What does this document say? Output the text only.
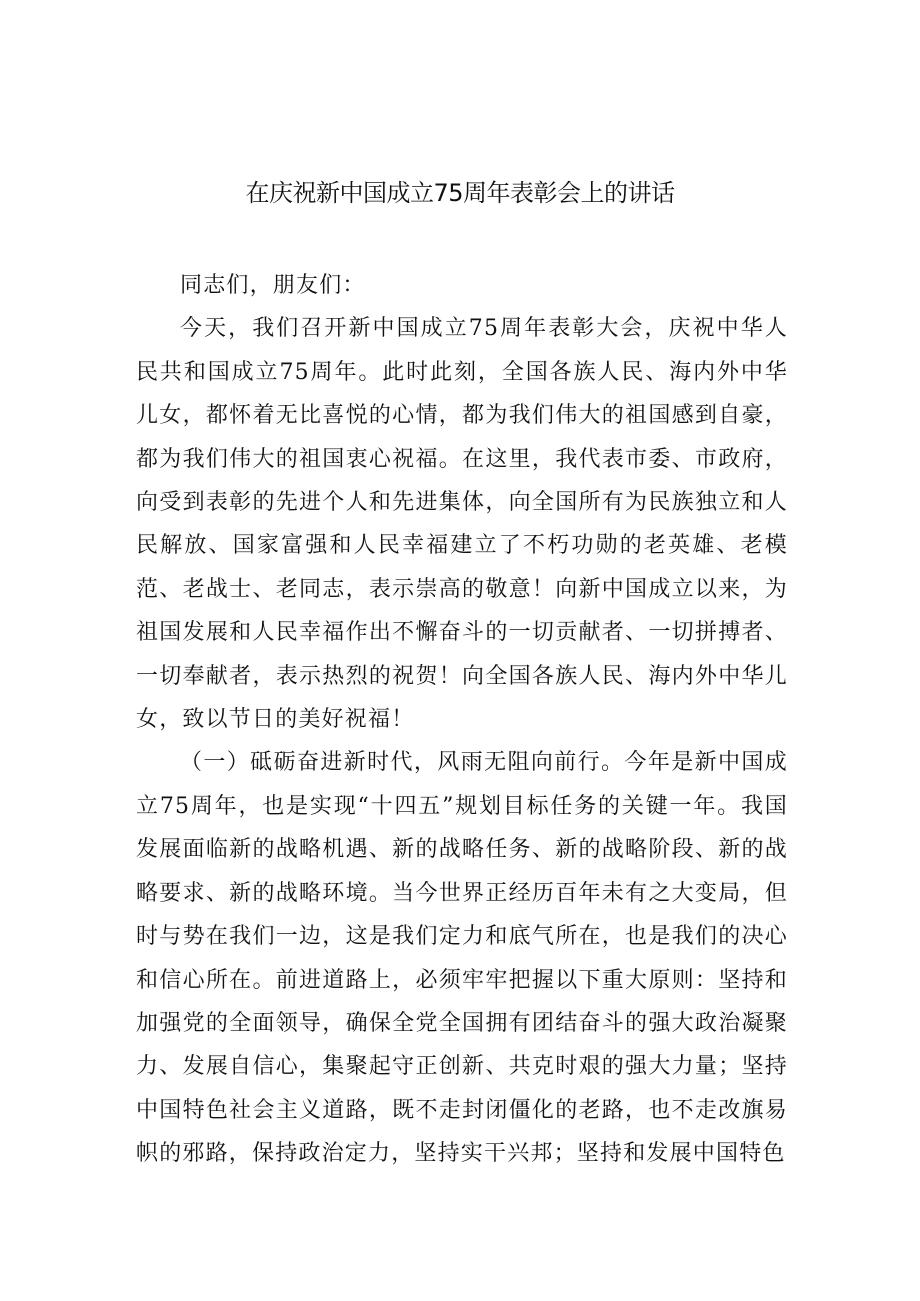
在庆祝新中国成立75周年表彰会上的讲话

同志们，朋友们：

今天，我们召开新中国成立75周年表彰大会，庆祝中华人民共和国成立75周年。此时此刻，全国各族人民、海内外中华儿女，都怀着无比喜悦的心情，都为我们伟大的祖国感到自豪，都为我们伟大的祖国衷心祝福。在这里，我代表市委、市政府，向受到表彰的先进个人和先进集体，向全国所有为民族独立和人民解放、国家富强和人民幸福建立了不朽功勋的老英雄、老模范、老战士、老同志，表示崇高的敬意！向新中国成立以来，为祖国发展和人民幸福作出不懈奋斗的一切贡献者、一切拼搏者、一切奉献者，表示热烈的祝贺！向全国各族人民、海内外中华儿女，致以节日的美好祝福！

（一）砥砺奋进新时代，风雨无阻向前行。今年是新中国成立75周年，也是实现“十四五”规划目标任务的关键一年。我国发展面临新的战略机遇、新的战略任务、新的战略阶段、新的战略要求、新的战略环境。当今世界正经历百年未有之大变局，但时与势在我们一边，这是我们定力和底气所在，也是我们的决心和信心所在。前进道路上，必须牢牢把握以下重大原则：坚持和加强党的全面领导，确保全党全国拥有团结奋斗的强大政治凝聚力、发展自信心，集聚起守正创新、共克时艰的强大力量；坚持中国特色社会主义道路，既不走封闭僵化的老路，也不走改旗易帜的邪路，保持政治定力，坚持实干兴邦；坚持和发展中国特色
